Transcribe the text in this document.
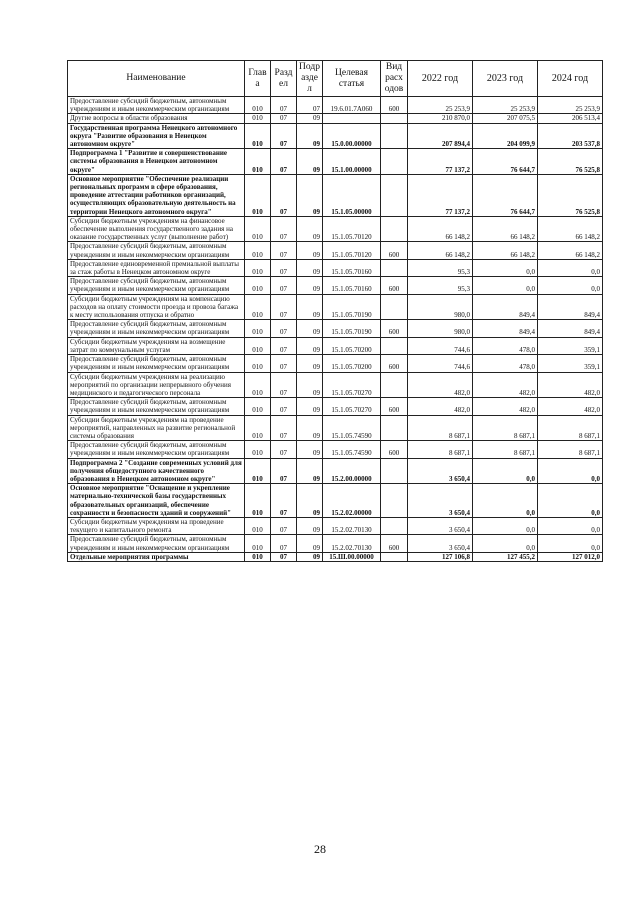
Наименование	Глав а	Разд ел	Подр азде л	Целевая статья	Вид расх одов	2022 год	2023 год	2024 год
Предоставление субсидий бюджетным, автономным учреждениям и иным некоммерческим организациям	010	07	07	19.6.01.7А060	600	25 253,9	25 253,9	25 253,9
Другие вопросы в области образования	010	07	09			210 870,0	207 075,5	206 513,4
Государственная программа Ненецкого автономного округа "Развитие образования в Ненецком автономном округе"	010	07	09	15.0.00.00000		207 894,4	204 099,9	203 537,8
Подпрограмма 1 "Развитие и совершенствование системы образования в Ненецком автономном округе"	010	07	09	15.1.00.00000		77 137,2	76 644,7	76 525,8
Основное мероприятие "Обеспечение реализации региональных программ в сфере образования, проведение аттестации работников организаций, осуществляющих образовательную деятельность на территории Ненецкого автономного округа"	010	07	09	15.1.05.00000		77 137,2	76 644,7	76 525,8
Субсидии бюджетным учреждениям на финансовое обеспечение выполнения государственного задания на оказание государственных услуг (выполнение работ)	010	07	09	15.1.05.70120		66 148,2	66 148,2	66 148,2
Предоставление субсидий бюджетным, автономным учреждениям и иным некоммерческим организациям	010	07	09	15.1.05.70120	600	66 148,2	66 148,2	66 148,2
Предоставление единовременной премиальной выплаты за стаж работы в Ненецком автономном округе	010	07	09	15.1.05.70160		95,3	0,0	0,0
Предоставление субсидий бюджетным, автономным учреждениям и иным некоммерческим организациям	010	07	09	15.1.05.70160	600	95,3	0,0	0,0
Субсидии бюджетным учреждениям на компенсацию расходов на оплату стоимости проезда и провоза багажа к месту использования отпуска и обратно	010	07	09	15.1.05.70190		980,0	849,4	849,4
Предоставление субсидий бюджетным, автономным учреждениям и иным некоммерческим организациям	010	07	09	15.1.05.70190	600	980,0	849,4	849,4
Субсидии бюджетным учреждениям на возмещение затрат по коммунальным услугам	010	07	09	15.1.05.70200		744,6	478,0	359,1
Предоставление субсидий бюджетным, автономным учреждениям и иным некоммерческим организациям	010	07	09	15.1.05.70200	600	744,6	478,0	359,1
Субсидии бюджетным учреждениям на реализацию мероприятий по организации непрерывного обучения медицинского и педагогического персонала	010	07	09	15.1.05.70270		482,0	482,0	482,0
Предоставление субсидий бюджетным, автономным учреждениям и иным некоммерческим организациям	010	07	09	15.1.05.70270	600	482,0	482,0	482,0
Субсидии бюджетным учреждениям на проведение мероприятий, направленных на развитие региональной системы образования	010	07	09	15.1.05.74590		8 687,1	8 687,1	8 687,1
Предоставление субсидий бюджетным, автономным учреждениям и иным некоммерческим организациям	010	07	09	15.1.05.74590	600	8 687,1	8 687,1	8 687,1
Подпрограмма 2 "Создание современных условий для получения общедоступного качественного образования в Ненецком автономном округе"	010	07	09	15.2.00.00000		3 650,4	0,0	0,0
Основное мероприятие "Оснащение и укрепление материально-технической базы государственных образовательных организаций, обеспечение сохранности и безопасности зданий и сооружений"	010	07	09	15.2.02.00000		3 650,4	0,0	0,0
Субсидии бюджетным учреждениям на проведение текущего и капитального ремонта	010	07	09	15.2.02.70130		3 650,4	0,0	0,0
Предоставление субсидий бюджетным, автономным учреждениям и иным некоммерческим организациям	010	07	09	15.2.02.70130	600	3 650,4	0,0	0,0
Отдельные мероприятия программы	010	07	09	15.Ш.00.00000		127 106,8	127 455,2	127 012,0
28
